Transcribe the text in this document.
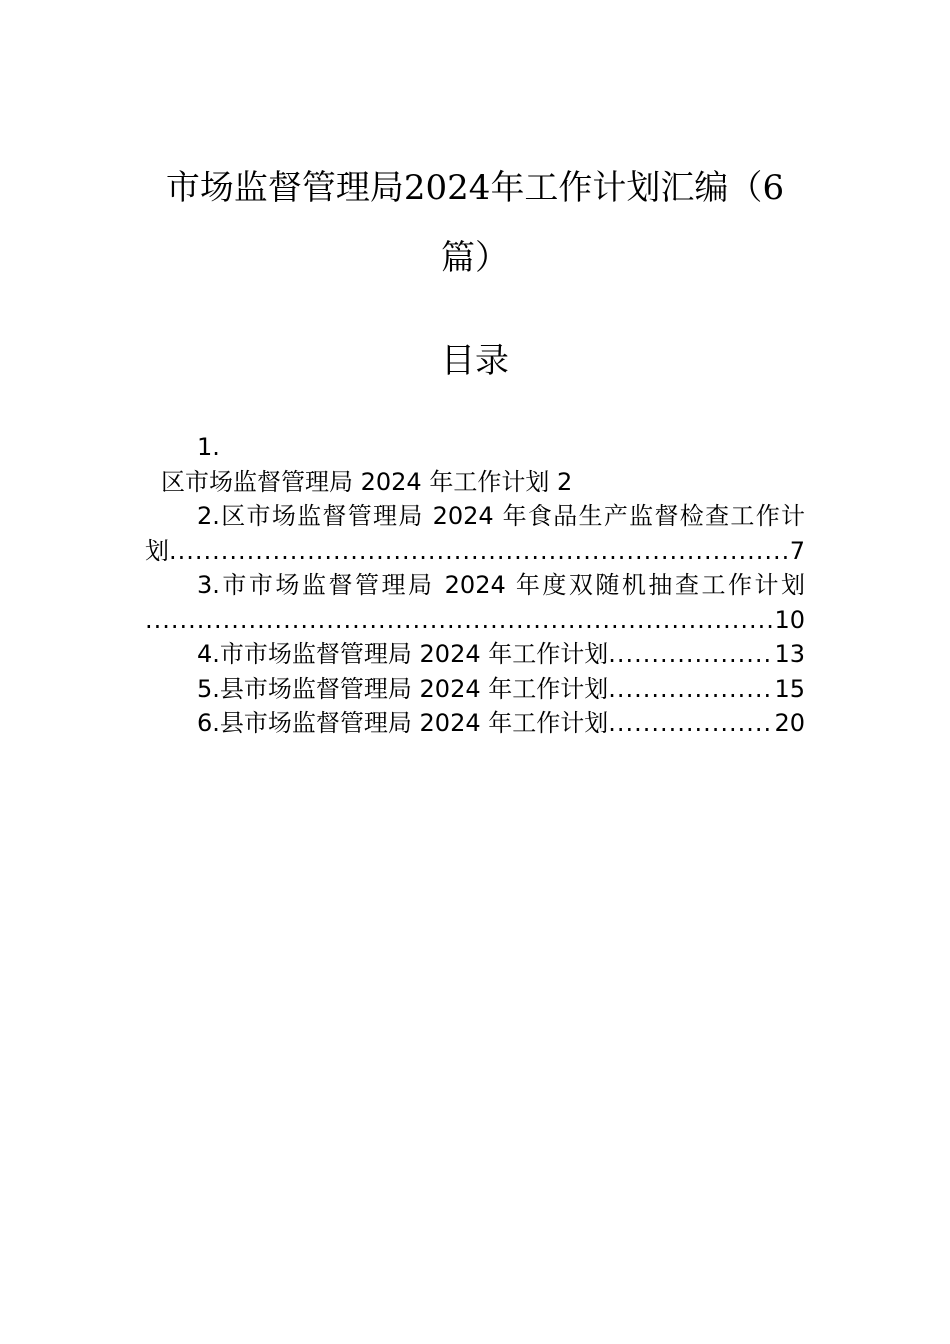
市场监督管理局2024年工作计划汇编（6
篇）
目录
1.
区市场监督管理局 2024 年工作计划 2
2.区市场监督管理局 2024 年食品生产监督检查工作计
划 .....	7
3.市市场监督管理局 2024 年度双随机抽查工作计划
.....
10
4.市市场监督管理局 2024 年工作计划 .....	13
5.县市场监督管理局 2024 年工作计划 .....	15
6.县市场监督管理局 2024 年工作计划 .....	20
